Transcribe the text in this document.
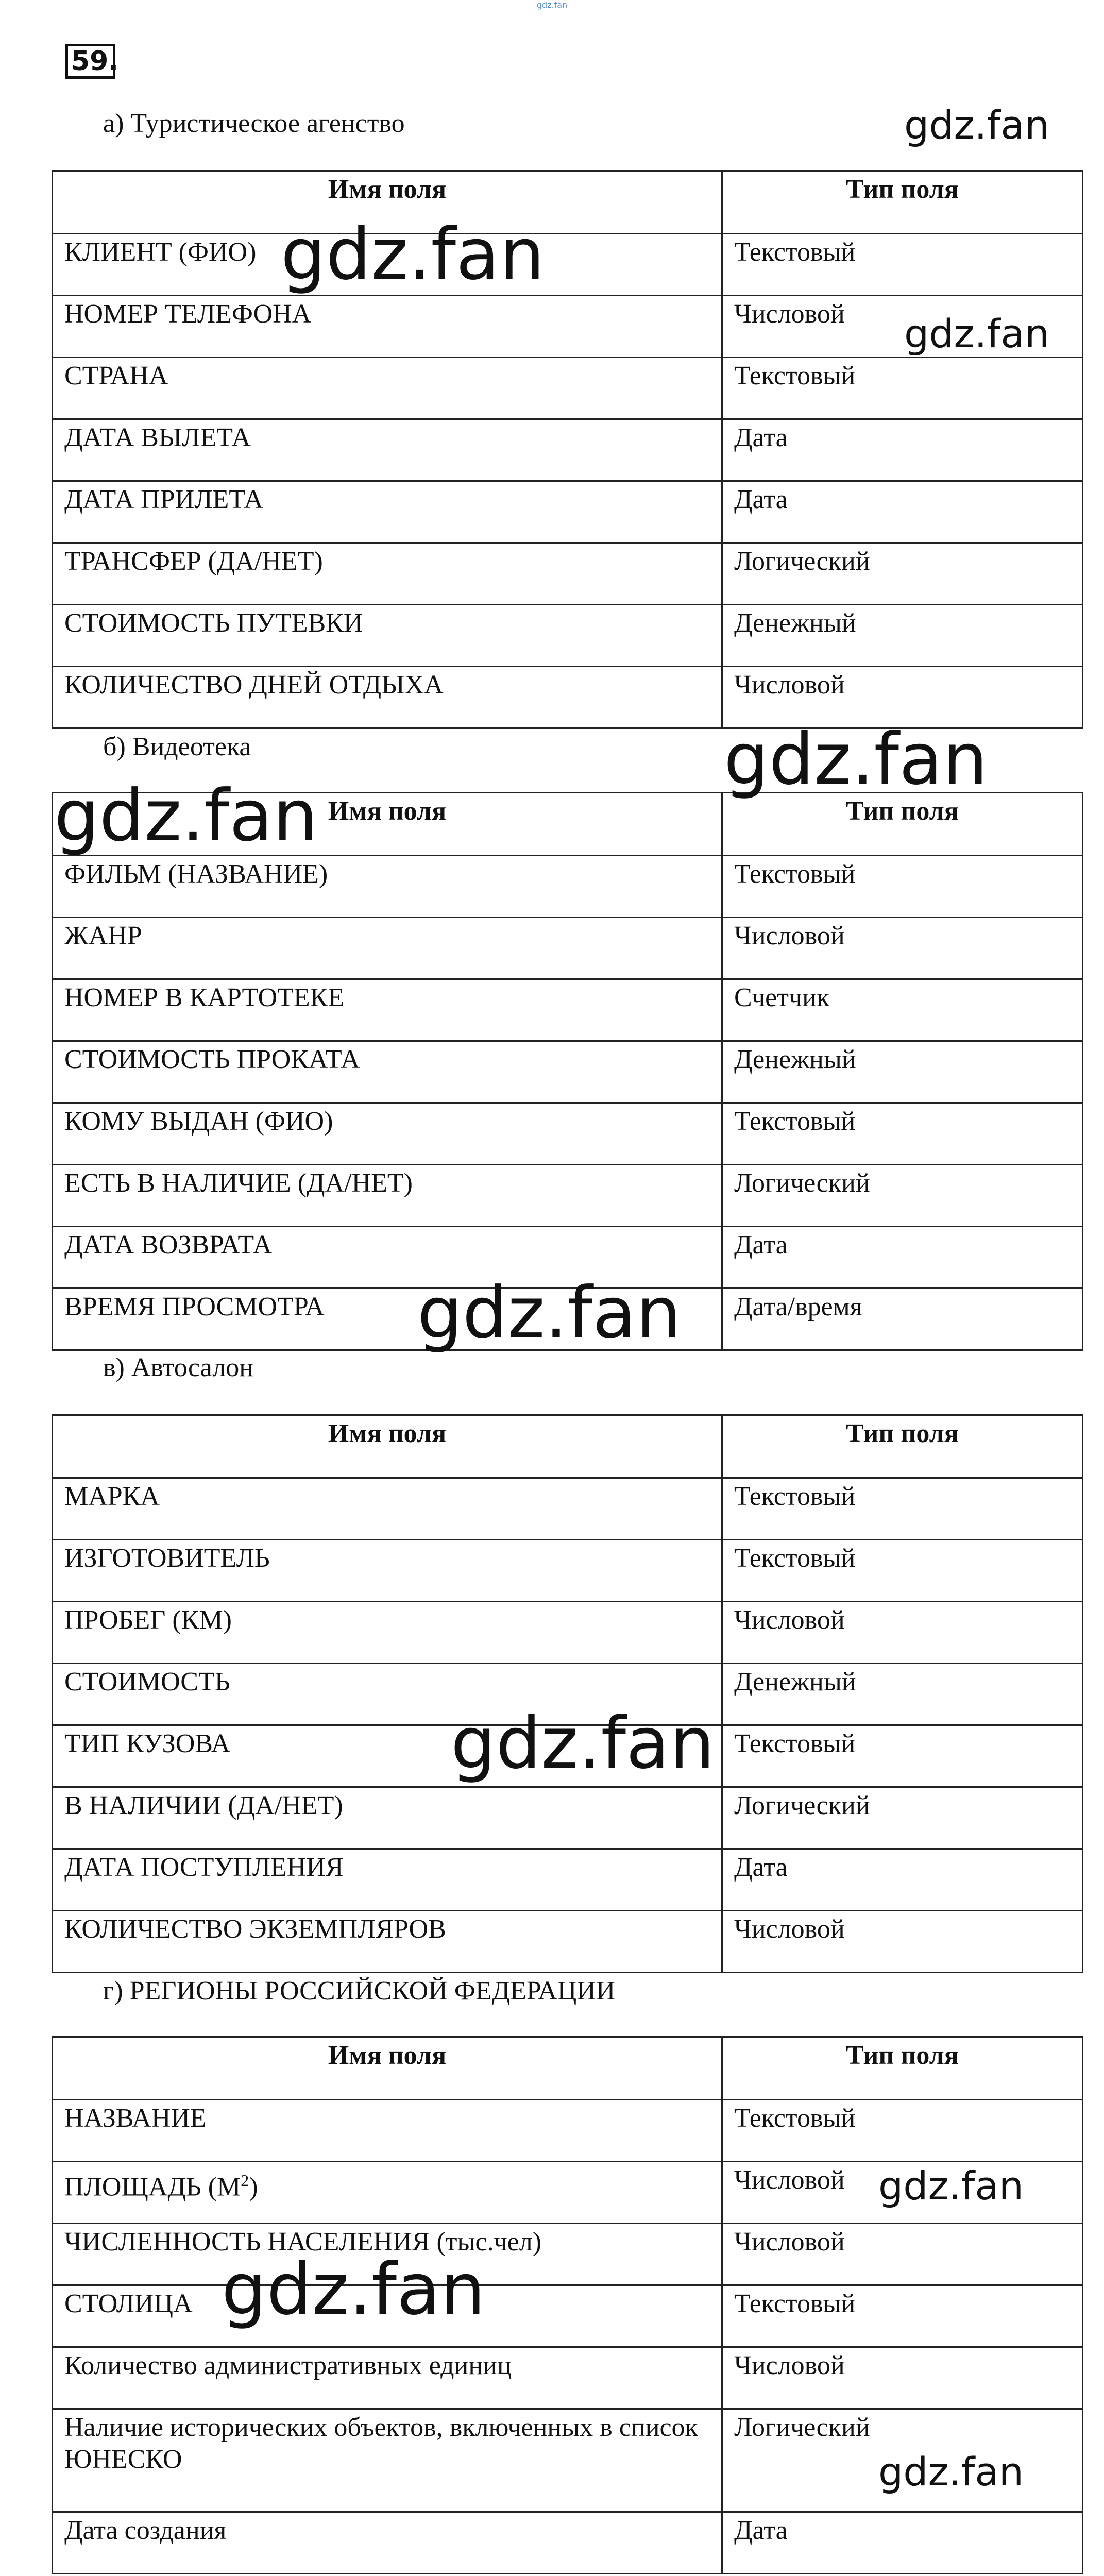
gdz.fan
59.
а) Туристическое агенство
Имя поля	Тип поля
КЛИЕНТ (ФИО)	Текстовый
НОМЕР ТЕЛЕФОНА	Числовой
СТРАНА	Текстовый
ДАТА ВЫЛЕТА	Дата
ДАТА ПРИЛЕТА	Дата
ТРАНСФЕР (ДА/НЕТ)	Логический
СТОИМОСТЬ ПУТЕВКИ	Денежный
КОЛИЧЕСТВО ДНЕЙ ОТДЫХА	Числовой
б) Видеотека
Имя поля	Тип поля
ФИЛЬМ (НАЗВАНИЕ)	Текстовый
ЖАНР	Числовой
НОМЕР В КАРТОТЕКЕ	Счетчик
СТОИМОСТЬ ПРОКАТА	Денежный
КОМУ ВЫДАН (ФИО)	Текстовый
ЕСТЬ В НАЛИЧИЕ (ДА/НЕТ)	Логический
ДАТА ВОЗВРАТА	Дата
ВРЕМЯ ПРОСМОТРА	Дата/время
в) Автосалон
Имя поля	Тип поля
МАРКА	Текстовый
ИЗГОТОВИТЕЛЬ	Текстовый
ПРОБЕГ (КМ)	Числовой
СТОИМОСТЬ	Денежный
ТИП КУЗОВА	Текстовый
В НАЛИЧИИ (ДА/НЕТ)	Логический
ДАТА ПОСТУПЛЕНИЯ	Дата
КОЛИЧЕСТВО ЭКЗЕМПЛЯРОВ	Числовой
г) РЕГИОНЫ РОССИЙСКОЙ ФЕДЕРАЦИИ
Имя поля	Тип поля
НАЗВАНИЕ	Текстовый
ПЛОЩАДЬ $(М^2)$	Числовой
ЧИСЛЕННОСТЬ НАСЕЛЕНИЯ (тыс.чел)	Числовой
СТОЛИЦА	Текстовый
Количество административных единиц	Числовой
Наличие исторических объектов, включенных в список ЮНЕСКО	Логический
Дата создания	Дата
gdz.fan
gdz.fan
gdz.fan
gdz.fan
gdz.fan
gdz.fan
gdz.fan
gdz.fan
gdz.fan
gdz.fan
